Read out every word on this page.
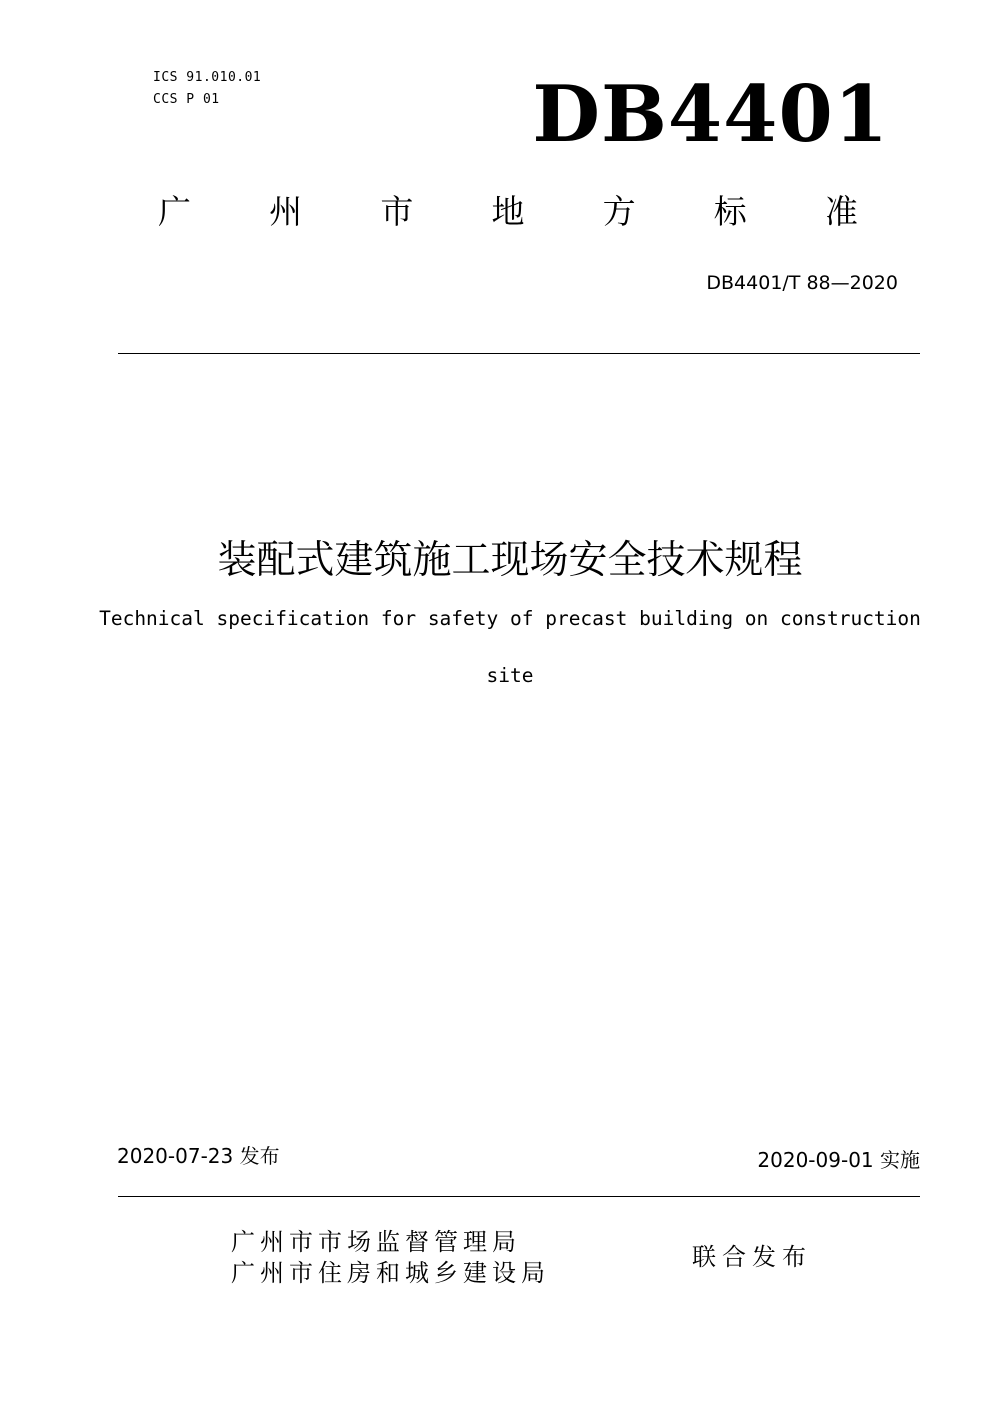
ICS 91.010.01
CCS P 01	DB4401
广 州 市 地 方 标 准
DB4401/T 88—2020
装配式建筑施工现场安全技术规程
Technical specification for safety of precast building on construction
site
2020-07-23 发布	2020-09-01 实施
广州市市场监督管理局
广州市住房和城乡建设局
联合发布
